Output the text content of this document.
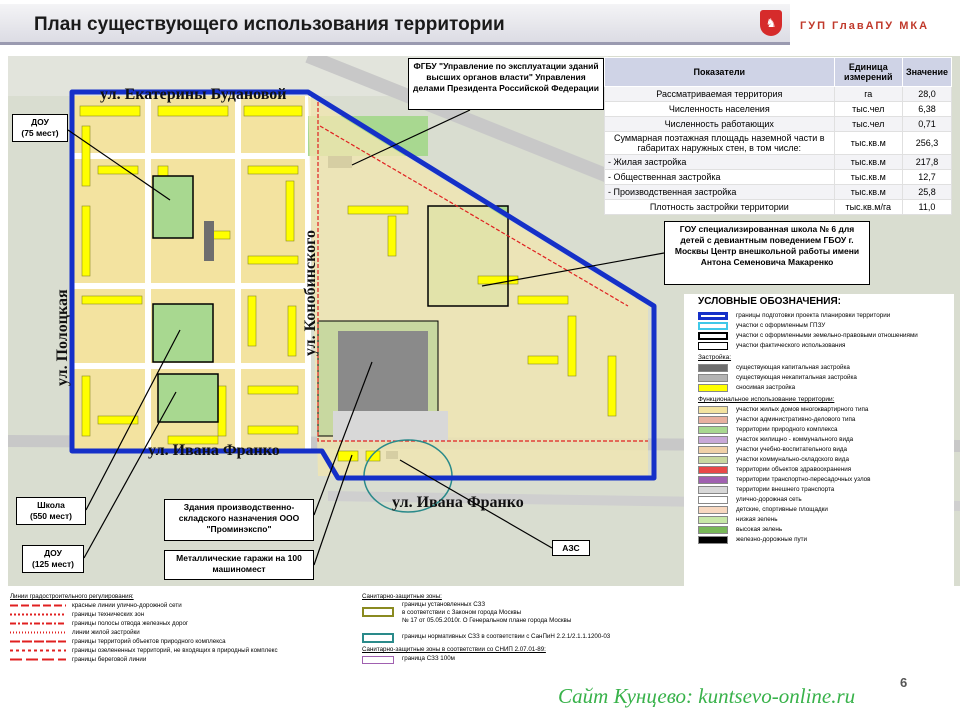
План существующего использования территории	♞	ГУП ГлавАПУ МКА
ул. Екатерины Будановой
ул. Полоцкая	ул. Конобинского
ул. Ивана Франко
ул. Ивана Франко
ДОУ
(75 мест)
ФГБУ "Управление по эксплуатации зданий высших органов власти" Управления делами Президента Российской Федерации
ГОУ специализированная школа № 6 для детей с девиантным поведением ГБОУ г. Москвы Центр внешкольной работы имени Антона Семеновича Макаренко
Школа
(550 мест)
ДОУ
(125 мест)
Здания производственно-складского назначения ООО "Проминэкспо"
Металлические гаражи на 100 машиномест
АЗС
Показатели	Единица измерений	Значение
Рассматриваемая территория	га	28,0
Численность населения	тыс.чел	6,38
Численность работающих	тыс.чел	0,71
Суммарная поэтажная площадь наземной части в габаритах наружных стен, в том числе:	тыс.кв.м	256,3
- Жилая застройка	тыс.кв.м	217,8
- Общественная застройка	тыс.кв.м	12,7
- Производственная застройка	тыс.кв.м	25,8
Плотность застройки территории	тыс.кв.м/га	11,0
УСЛОВНЫЕ ОБОЗНАЧЕНИЯ:
границы подготовки проекта планировки территории
участки с оформленным ГПЗУ
участки с оформленными земельно-правовыми отношениями
участки фактического использования
Застройка:
существующая капитальная застройка
существующая некапитальная застройка
сносимая застройка
Функциональное использование территории:
участки жилых домов многоквартирного типа
участки административно-делового типа
территории природного комплекса
участок жилищно - коммунального вида
участки учебно-воспитательного вида
участки коммунально-складского вида
территории объектов здравоохранения
территории транспортно-пересадочных узлов
территории внешнего транспорта
улично-дорожная сеть
детские, спортивные площадки
низкая зелень
высокая зелень
железно-дорожные пути
Линии градостроительного регулирования:
красные линии улично-дорожной сети
границы технических зон
границы полосы отвода железных дорог
линии жилой застройки
границы территорий объектов природного комплекса
границы озелененных территорий, не входящих в природный комплекс
границы береговой линии
Санитарно-защитные зоны:
границы установленных СЗЗ
в соответствии с Законом города Москвы
№ 17 от 05.05.2010г. О Генеральном плане города Москвы
границы нормативных СЗЗ в соответствии с СанПиН 2.2.1/2.1.1.1200-03
Санитарно-защитные зоны в соответствии со СНИП 2.07.01-89:
граница СЗЗ 100м
6
Сайт Кунцево: kuntsevo-online.ru
